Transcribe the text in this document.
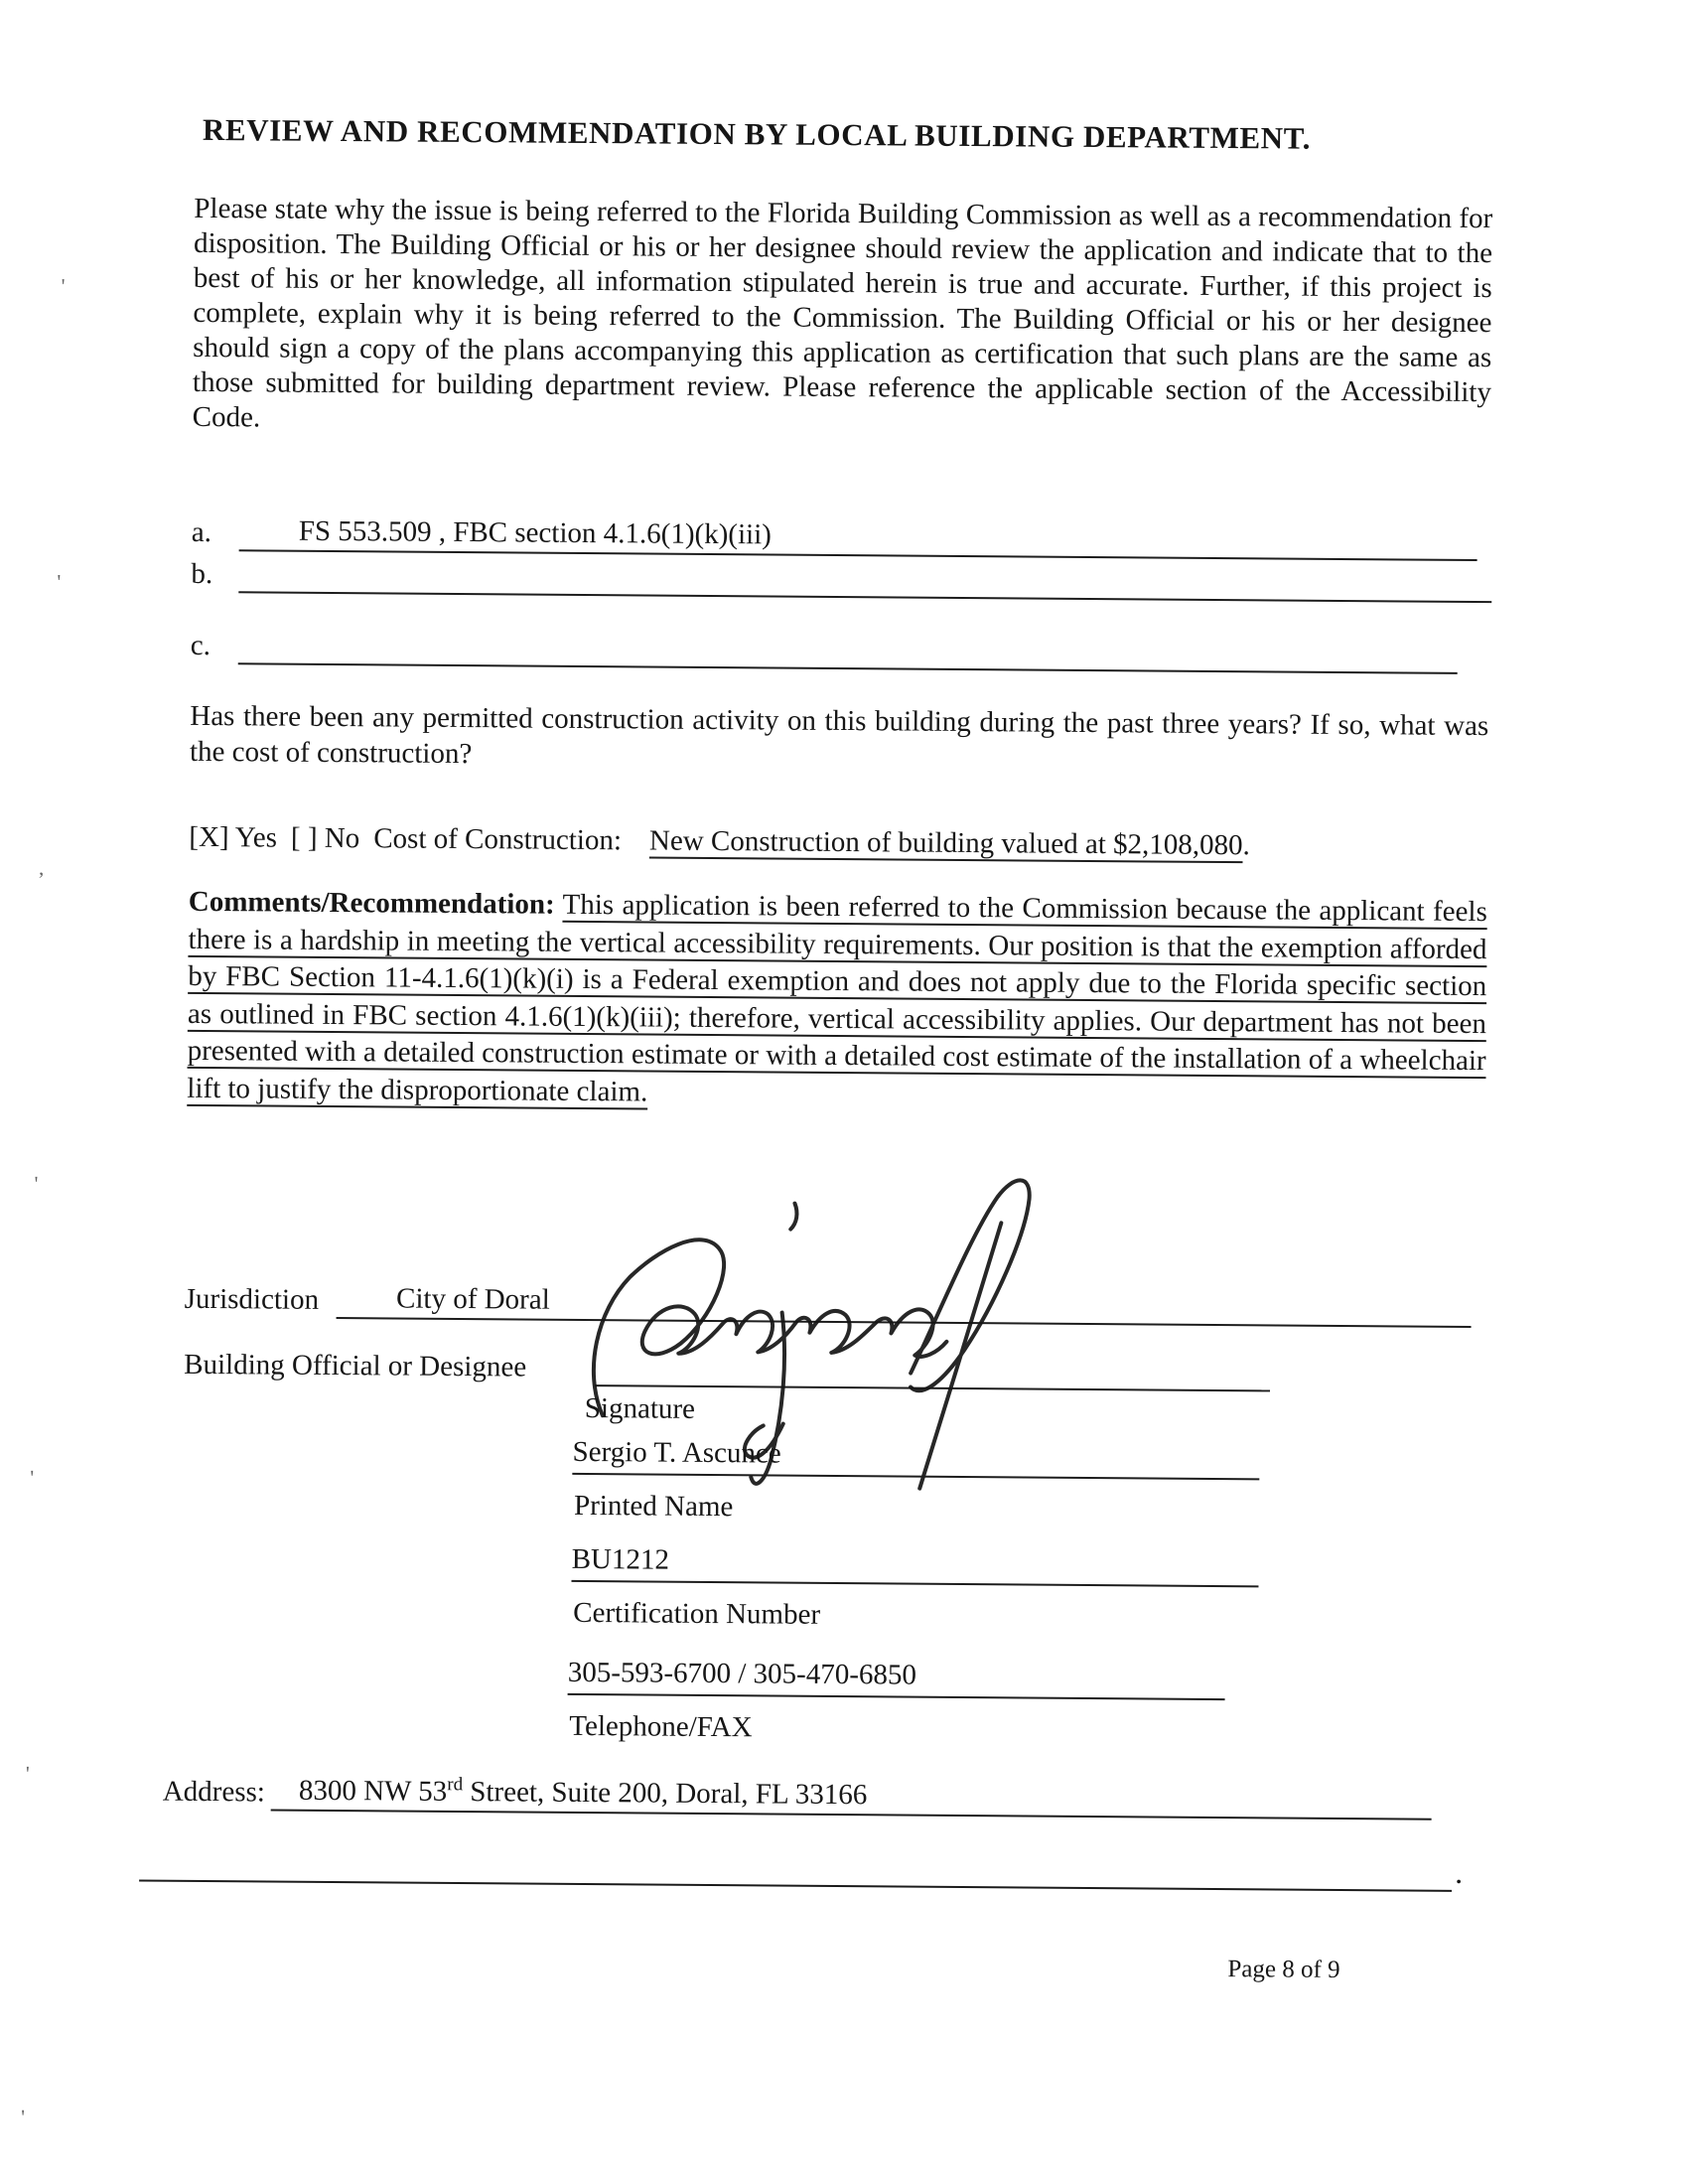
REVIEW AND RECOMMENDATION BY LOCAL BUILDING DEPARTMENT.
Please state why the issue is being referred to the Florida Building Commission as well as a recommendation for disposition. The Building Official or his or her designee should review the application and indicate that to the best of his or her knowledge, all information stipulated herein is true and accurate. Further, if this project is complete, explain why it is being referred to the Commission. The Building Official or his or her designee should sign a copy of the plans accompanying this application as certification that such plans are the same as those submitted for building department review. Please reference the applicable section of the Accessibility Code.
a.	FS 553.509 , FBC section 4.1.6(1)(k)(iii)
b.
c.
Has there been any permitted construction activity on this building during the past three years? If so, what was the cost of construction?
[X] Yes [ ] No Cost of Construction: New Construction of building valued at $2,108,080.
Comments/Recommendation: This application is been referred to the Commission because the applicant feels there is a hardship in meeting the vertical accessibility requirements. Our position is that the exemption afforded by FBC Section 11-4.1.6(1)(k)(i) is a Federal exemption and does not apply due to the Florida specific section as outlined in FBC section 4.1.6(1)(k)(iii); therefore, vertical accessibility applies. Our department has not been presented with a detailed construction estimate or with a detailed cost estimate of the installation of a wheelchair lift to justify the disproportionate claim.
Jurisdiction	City of Doral
Building Official or Designee
Signature
Sergio T. Ascunce
Printed Name
BU1212
Certification Number
305-593-6700 / 305-470-6850
Telephone/FAX
Address:	8300 NW 53rd Street, Suite 200, Doral, FL 33166
.
Page 8 of 9
'
'
,
'
'
'
'
